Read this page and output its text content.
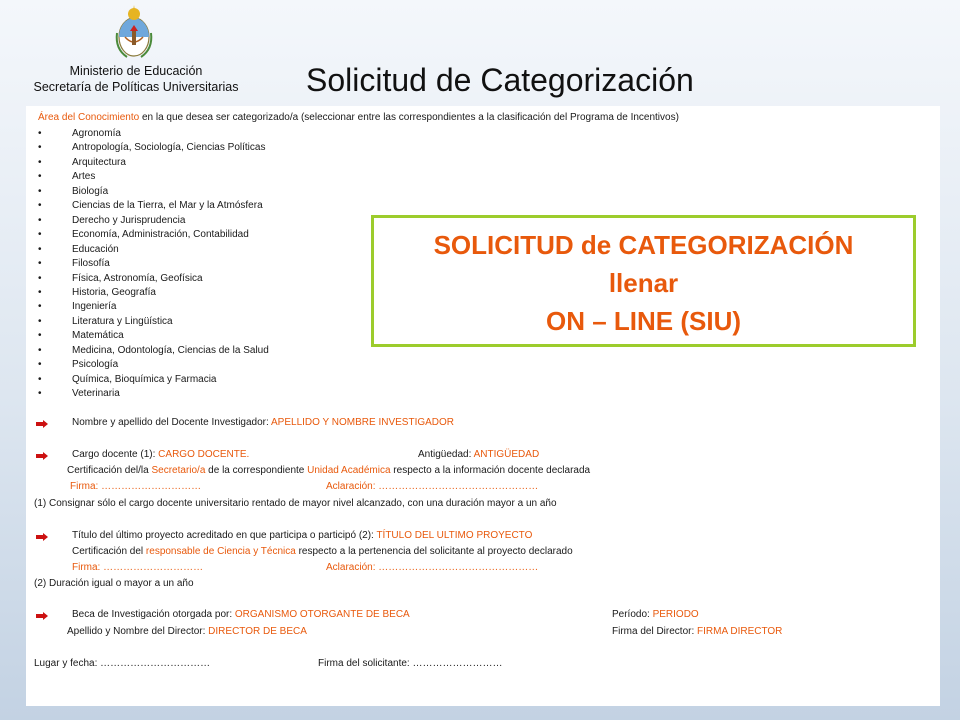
Ministerio de Educación
Secretaría de Políticas Universitarias	Solicitud de Categorización
Área del Conocimiento en la que desea ser categorizado/a (seleccionar entre las correspondientes a la clasificación del Programa de Incentivos)
•	Agronomía
•	Antropología, Sociología, Ciencias Políticas
•	Arquitectura
•	Artes
•	Biología
•	Ciencias de la Tierra, el Mar y la Atmósfera
•	Derecho y Jurisprudencia
•	Economía, Administración, Contabilidad
•	Educación
•	Filosofía
•	Física, Astronomía, Geofísica
•	Historia, Geografía
•	Ingeniería
•	Literatura y Lingüística
•	Matemática
•	Medicina, Odontología, Ciencias de la Salud
•	Psicología
•	Química, Bioquímica y Farmacia
•	Veterinaria
Nombre y apellido del Docente Investigador: APELLIDO Y NOMBRE INVESTIGADOR
Cargo docente (1): CARGO DOCENTE.	Antigüedad: ANTIGÜEDAD
Certificación del/la Secretario/a de la correspondiente Unidad Académica respecto a la información docente declarada
Firma: …………………………	Aclaración: …………………………………………
(1) Consignar sólo el cargo docente universitario rentado de mayor nivel alcanzado, con una duración mayor a un año
Título del último proyecto acreditado en que participa o participó (2): TÍTULO DEL ULTIMO PROYECTO
Certificación del responsable de Ciencia y Técnica respecto a la pertenencia del solicitante al proyecto declarado
Firma: …………………………	Aclaración: …………………………………………
(2) Duración igual o mayor a un año
Beca de Investigación otorgada por: ORGANISMO OTORGANTE DE BECA	Período: PERIODO
Apellido y Nombre del Director: DIRECTOR DE BECA	Firma del Director: FIRMA DIRECTOR
Lugar y fecha: ……………………………	Firma del solicitante: ………………………
SOLICITUD de CATEGORIZACIÓN
llenar
ON – LINE (SIU)
